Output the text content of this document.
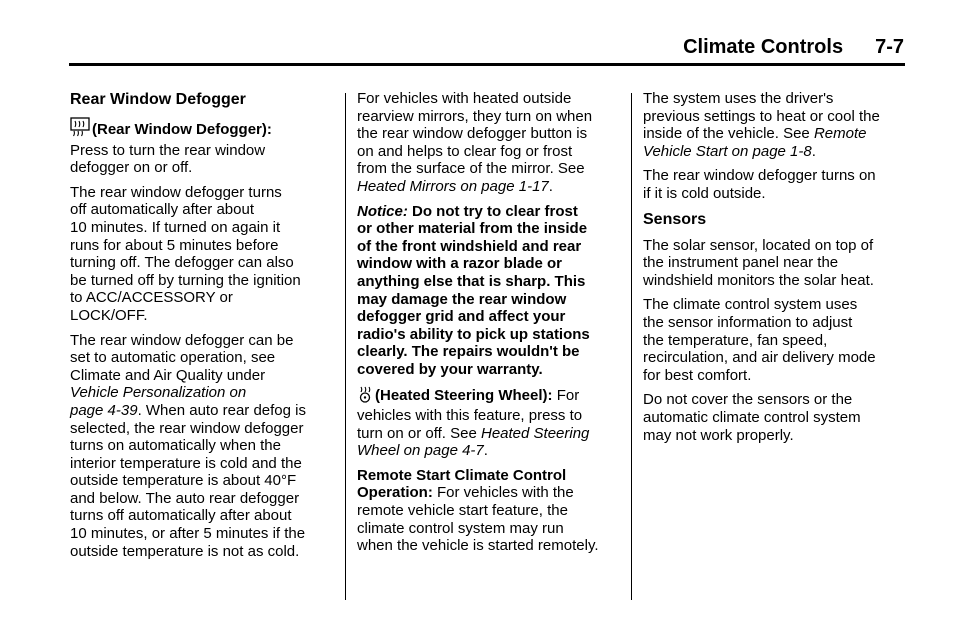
Climate Controls 7-7
Rear Window Defogger

(Rear Window Defogger):
Press to turn the rear window
defogger on or off.

The rear window defogger turns
off automatically after about
10 minutes. If turned on again it
runs for about 5 minutes before
turning off. The defogger can also
be turned off by turning the ignition
to ACC/ACCESSORY or
LOCK/OFF.

The rear window defogger can be
set to automatic operation, see
Climate and Air Quality under
Vehicle Personalization on
page 4‑39. When auto rear defog is
selected, the rear window defogger
turns on automatically when the
interior temperature is cold and the
outside temperature is about 40°F
and below. The auto rear defogger
turns off automatically after about
10 minutes, or after 5 minutes if the
outside temperature is not as cold.

For vehicles with heated outside
rearview mirrors, they turn on when
the rear window defogger button is
on and helps to clear fog or frost
from the surface of the mirror. See
Heated Mirrors on page 1‑17.

Notice: Do not try to clear frost
or other material from the inside
of the front windshield and rear
window with a razor blade or
anything else that is sharp. This
may damage the rear window
defogger grid and affect your
radio's ability to pick up stations
clearly. The repairs wouldn't be
covered by your warranty.

(Heated Steering Wheel): For
vehicles with this feature, press to
turn on or off. See Heated Steering
Wheel on page 4‑7.

Remote Start Climate Control
Operation: For vehicles with the
remote vehicle start feature, the
climate control system may run
when the vehicle is started remotely.

The system uses the driver's
previous settings to heat or cool the
inside of the vehicle. See Remote
Vehicle Start on page 1‑8.

The rear window defogger turns on
if it is cold outside.

Sensors

The solar sensor, located on top of
the instrument panel near the
windshield monitors the solar heat.

The climate control system uses
the sensor information to adjust
the temperature, fan speed,
recirculation, and air delivery mode
for best comfort.

Do not cover the sensors or the
automatic climate control system
may not work properly.
